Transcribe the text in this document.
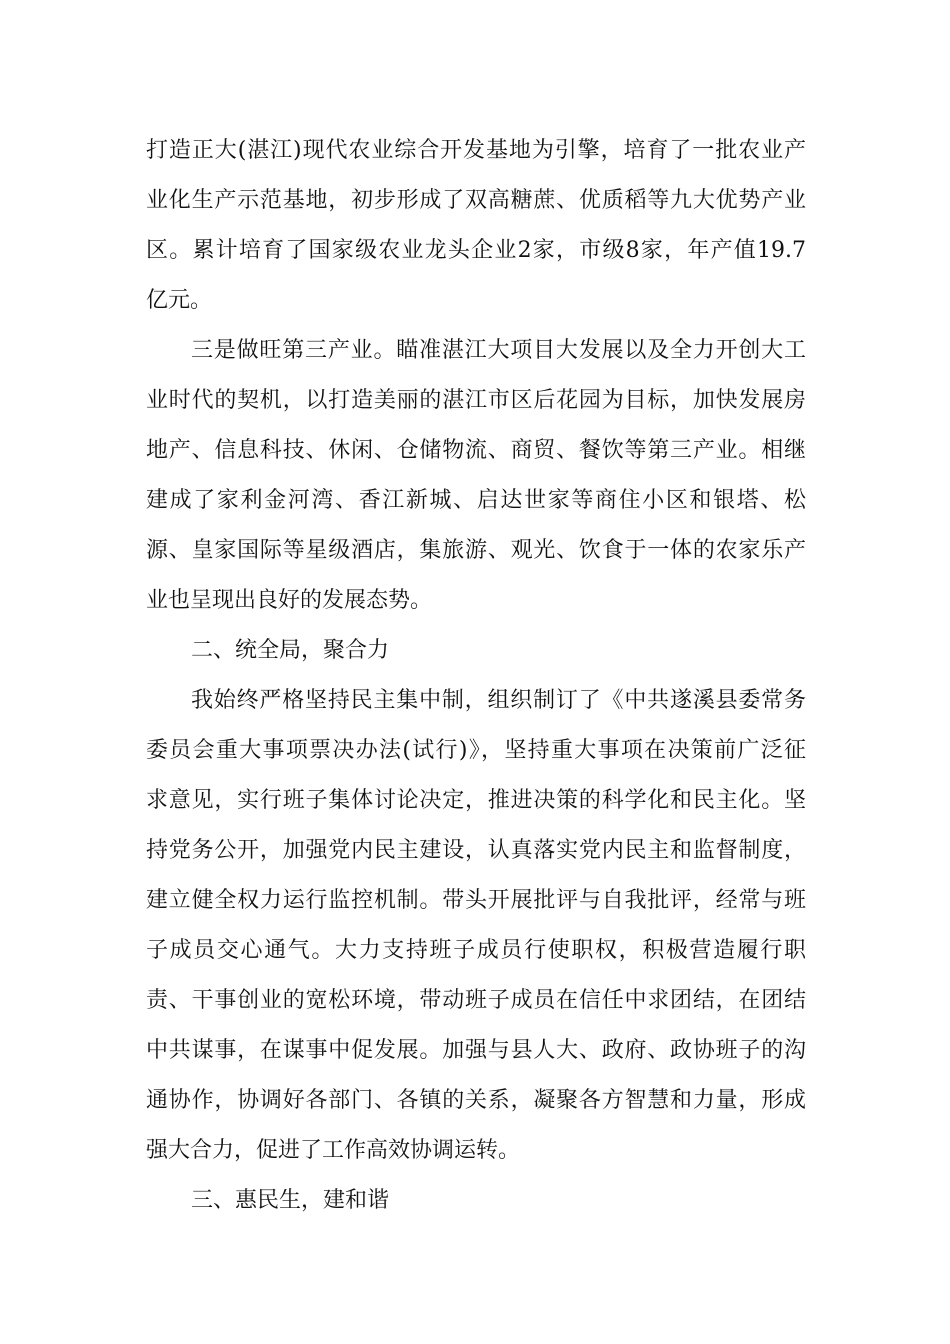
打造正大(湛江)现代农业综合开发基地为引擎，培育了一批农业产
业化生产示范基地，初步形成了双高糖蔗、优质稻等九大优势产业
区。累计培育了国家级农业龙头企业2家，市级8家，年产值19.7
亿元。
三是做旺第三产业。瞄准湛江大项目大发展以及全力开创大工
业时代的契机，以打造美丽的湛江市区后花园为目标，加快发展房
地产、信息科技、休闲、仓储物流、商贸、餐饮等第三产业。相继
建成了家利金河湾、香江新城、启达世家等商住小区和银塔、松
源、皇家国际等星级酒店，集旅游、观光、饮食于一体的农家乐产
业也呈现出良好的发展态势。
二、统全局，聚合力
我始终严格坚持民主集中制，组织制订了《中共遂溪县委常务
委员会重大事项票决办法(试行)》，坚持重大事项在决策前广泛征
求意见，实行班子集体讨论决定，推进决策的科学化和民主化。坚
持党务公开，加强党内民主建设，认真落实党内民主和监督制度，
建立健全权力运行监控机制。带头开展批评与自我批评，经常与班
子成员交心通气。大力支持班子成员行使职权，积极营造履行职
责、干事创业的宽松环境，带动班子成员在信任中求团结，在团结
中共谋事，在谋事中促发展。加强与县人大、政府、政协班子的沟
通协作，协调好各部门、各镇的关系，凝聚各方智慧和力量，形成
强大合力，促进了工作高效协调运转。
三、惠民生，建和谐
